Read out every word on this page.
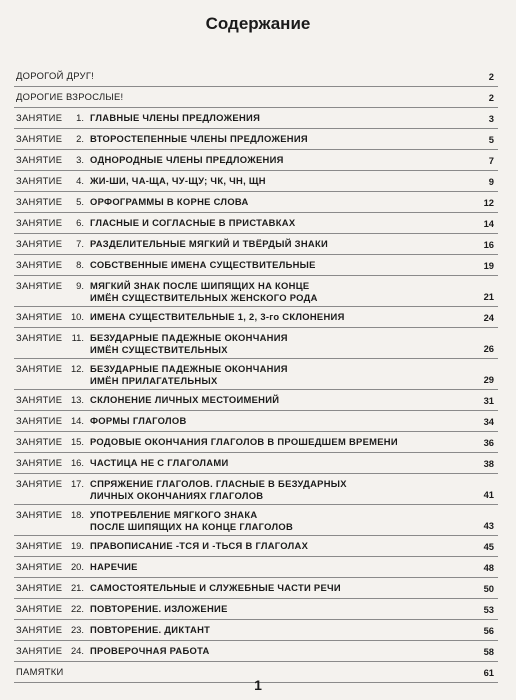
Содержание
ДОРОГОЙ ДРУГ!	2
ДОРОГИЕ ВЗРОСЛЫЕ!	2
ЗАНЯТИЕ	1. ГЛАВНЫЕ ЧЛЕНЫ ПРЕДЛОЖЕНИЯ	3
ЗАНЯТИЕ	2. ВТОРОСТЕПЕННЫЕ ЧЛЕНЫ ПРЕДЛОЖЕНИЯ	5
ЗАНЯТИЕ	3. ОДНОРОДНЫЕ ЧЛЕНЫ ПРЕДЛОЖЕНИЯ	7
ЗАНЯТИЕ	4. ЖИ-ШИ, ЧА-ЩА, ЧУ-ЩУ; ЧК, ЧН, ЩН	9
ЗАНЯТИЕ	5. ОРФОГРАММЫ В КОРНЕ СЛОВА	12
ЗАНЯТИЕ	6. ГЛАСНЫЕ И СОГЛАСНЫЕ В ПРИСТАВКАХ	14
ЗАНЯТИЕ	7. РАЗДЕЛИТЕЛЬНЫЕ МЯГКИЙ И ТВЁРДЫЙ ЗНАКИ	16
ЗАНЯТИЕ	8. СОБСТВЕННЫЕ ИМЕНА СУЩЕСТВИТЕЛЬНЫЕ	19
ЗАНЯТИЕ	9. МЯГКИЙ ЗНАК ПОСЛЕ ШИПЯЩИХ НА КОНЦЕ
ИМЁН СУЩЕСТВИТЕЛЬНЫХ ЖЕНСКОГО РОДА	21
ЗАНЯТИЕ 10. ИМЕНА СУЩЕСТВИТЕЛЬНЫЕ 1, 2, 3-го СКЛОНЕНИЯ	24
ЗАНЯТИЕ 11. БЕЗУДАРНЫЕ ПАДЕЖНЫЕ ОКОНЧАНИЯ
ИМЁН СУЩЕСТВИТЕЛЬНЫХ	26
ЗАНЯТИЕ 12. БЕЗУДАРНЫЕ ПАДЕЖНЫЕ ОКОНЧАНИЯ
ИМЁН ПРИЛАГАТЕЛЬНЫХ	29
ЗАНЯТИЕ 13. СКЛОНЕНИЕ ЛИЧНЫХ МЕСТОИМЕНИЙ	31
ЗАНЯТИЕ 14. ФОРМЫ ГЛАГОЛОВ	34
ЗАНЯТИЕ 15. РОДОВЫЕ ОКОНЧАНИЯ ГЛАГОЛОВ В ПРОШЕДШЕМ ВРЕМЕНИ	36
ЗАНЯТИЕ 16. ЧАСТИЦА НЕ С ГЛАГОЛАМИ	38
ЗАНЯТИЕ 17. СПРЯЖЕНИЕ ГЛАГОЛОВ. ГЛАСНЫЕ В БЕЗУДАРНЫХ
ЛИЧНЫХ ОКОНЧАНИЯХ ГЛАГОЛОВ	41
ЗАНЯТИЕ 18. УПОТРЕБЛЕНИЕ МЯГКОГО ЗНАКА
ПОСЛЕ ШИПЯЩИХ НА КОНЦЕ ГЛАГОЛОВ	43
ЗАНЯТИЕ 19. ПРАВОПИСАНИЕ -ТСЯ И -ТЬСЯ В ГЛАГОЛАХ	45
ЗАНЯТИЕ 20. НАРЕЧИЕ	48
ЗАНЯТИЕ 21. САМОСТОЯТЕЛЬНЫЕ И СЛУЖЕБНЫЕ ЧАСТИ РЕЧИ	50
ЗАНЯТИЕ 22. ПОВТОРЕНИЕ. ИЗЛОЖЕНИЕ	53
ЗАНЯТИЕ 23. ПОВТОРЕНИЕ. ДИКТАНТ	56
ЗАНЯТИЕ 24. ПРОВЕРОЧНАЯ РАБОТА	58
ПАМЯТКИ	61
1
